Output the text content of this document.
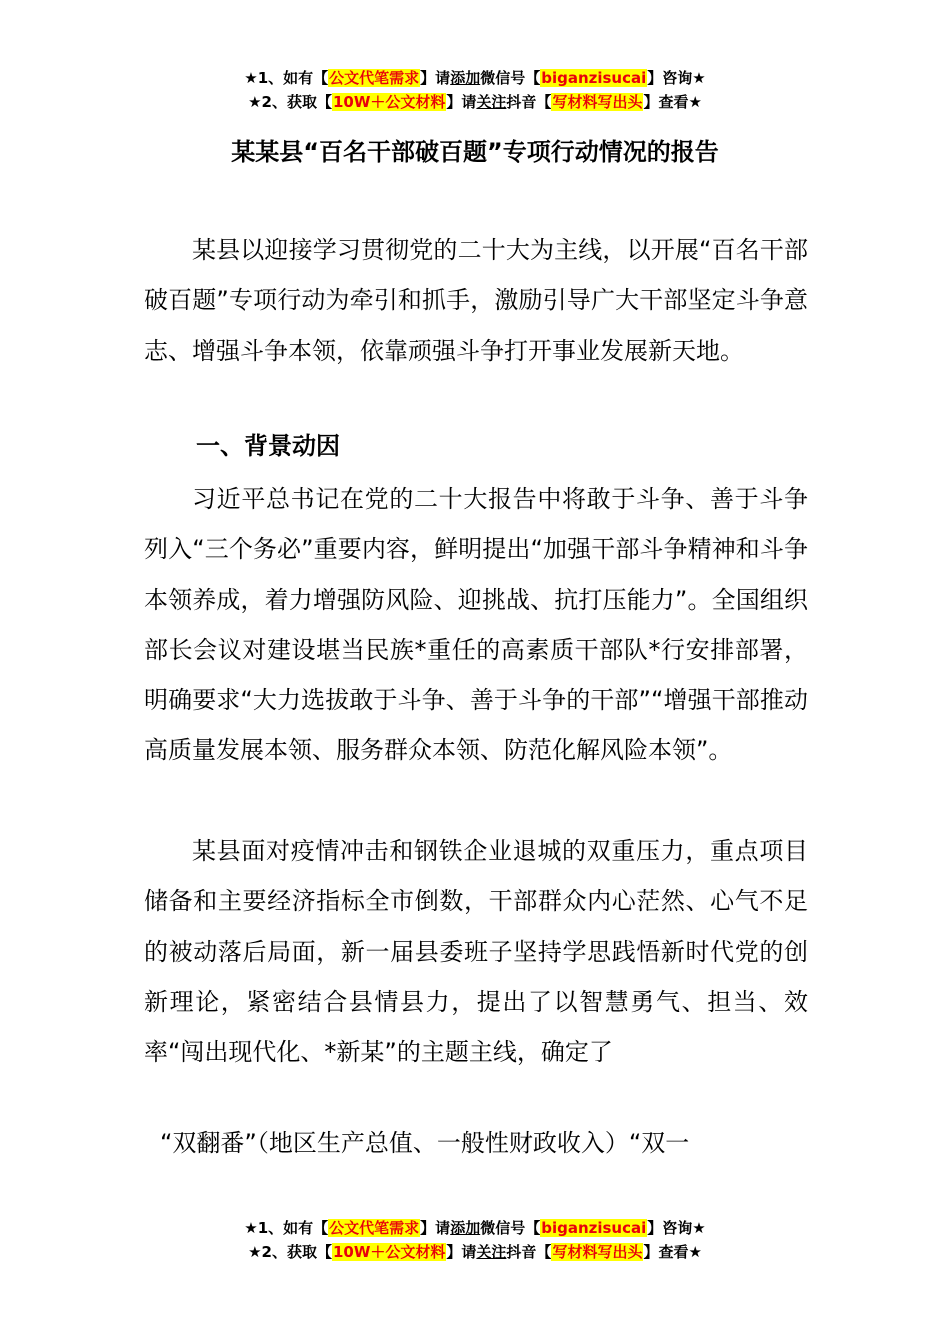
★1、如有【公文代笔需求】请添加微信号【biganzisucai】咨询★
★2、获取【10W＋公文材料】请关注抖音【写材料写出头】查看★
某某县“百名干部破百题”专项行动情况的报告

某县以迎接学习贯彻党的二十大为主线，以开展“百名干部破百题”专项行动为牵引和抓手，激励引导广大干部坚定斗争意志、增强斗争本领，依靠顽强斗争打开事业发展新天地。

一、背景动因

习近平总书记在党的二十大报告中将敢于斗争、善于斗争列入“三个务必”重要内容，鲜明提出“加强干部斗争精神和斗争本领养成，着力增强防风险、迎挑战、抗打压能力”。全国组织部长会议对建设堪当民族*重任的高素质干部队*行安排部署，明确要求“大力选拔敢于斗争、善于斗争的干部”“增强干部推动高质量发展本领、服务群众本领、防范化解风险本领”。

某县面对疫情冲击和钢铁企业退城的双重压力，重点项目储备和主要经济指标全市倒数，干部群众内心茫然、心气不足的被动落后局面，新一届县委班子坚持学思践悟新时代党的创新理论，紧密结合县情县力，提出了以智慧勇气、担当、效率“闯出现代化、*新某”的主题主线，确定了

“双翻番”（地区生产总值、一般性财政收入）“双一
★1、如有【公文代笔需求】请添加微信号【biganzisucai】咨询★
★2、获取【10W＋公文材料】请关注抖音【写材料写出头】查看★
